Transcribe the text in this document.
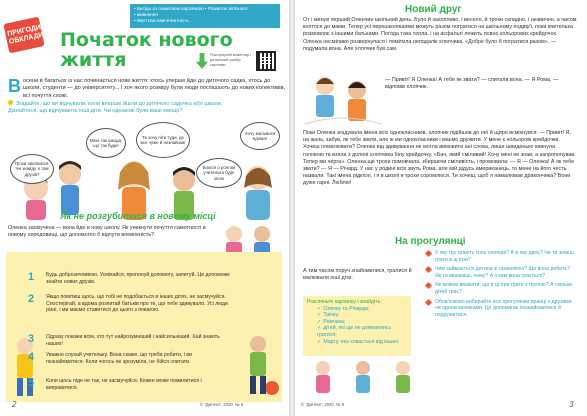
ПРИГОДИ НА ОБКЛАДИНЦІ
• Бесіда за сюжетною картинкою • Розвиток зв'язного
• мовлення
• Життєва компетентність
Початок нового
життя	Розгорнутий коментар і детальний розбір картинки
Восени в багатьох із нас починається нове життя: хтось уперше йде до дитячого садка, хтось до школи, студенти — до університету... І хоч якого розміру були люди поспішають до нових колективів, всі почуття схожі.
Згадайте, що ви відчували, коли вперше йшли до дитячого садочка або школи. Дізнайтеся, що відчувають інші діти. Чи однакові були ваші емоції?
Мені так шкода, що так буде!
Та хочу піти туди, де все чуже й незнайоме
Трохи хвилююся. Чи знайду я там друзів?
Боюся о ролгом учителька буде злою
Хочу мальвися вдома!
Як не розгубитися в новому місці
Оленка засмучена — вона йде в нову школу. Як уникнути почуття самотності в новому середовищі, що допомогло б відчути впевненість?
1 Будь доброзичливою. Усміхайся, пропонуй допомогу, запитуй. Це допоможе знайти нових друзів.
2 Якщо помітиш щось, що тобі не подобається в інших дітях, не засмучуйся. Спостерігай, а вдома розпитай батьків про те, що тебе здивувало. Усі люди різні, і ми маємо ставитися до цього з повагою.
3 Одразу покажи всім, хто тут найрозумніший і найсильніший. Хай знають наших!
4 Уважно слухай учительку. Вона скаже, що треба робити, і ви познайомитеся. Коли чогось не зрозуміла, не бійся спитати.
5 Коли щось піде не так, не засмучуйся. Кожен може помилитися і виправитися.
2	© "Дитяча", 2020, № 9
Новий друг
От і минув перший Оленчин шкільний день. Було й захопливо, і весело, й трохи складно, і незвично, а часом колтося до мами. Тепер усі перешколяшими можуть разом погратися на шкільному подвір'ї, поки вчителька розмовляє з іншими батьками. Погода така тепла, і на асфальті лежить повно кольорових крейдочок. Оленка несміливо розвернулася і помітила неподалік хлопчика. «Добре було б погратися разом», — подумала вона. Але хлопчик був сам.
— Привіт! Я Оленка! А тебе як звати? — спитала вона. — Я Рома, — відповів хлопчик.
Поки Оленка згадувала імена всіх однокласників, хлопчик підійшов до неї й щиро всміхнувся: — Привіт! Я, на жаль, забув, як тебе звати, але ж ми однокласники і маємо дружити. У мене є кольорові крейдочки. Хочеш помалювати? Оленка від здивування не могла вимовити ані слова, лише швиденько кивнула головою та взяла з долоні хлопчика білу крейдочку. «Бач, який сміливий! Хочу мені не знав, а запропонував. Тепер ми черга». Оленка ще трохи помовчала, збираючи сміливість, і промовила: — Я — Оленка! А як тебе звати? — Я — Річард. У нас у родині всіх звуть Рома, але мій дідусь американець, то мене на його честь назвали. Такі імена рідкісні, і я в школі я трохи соромлюся. Ти хочеш, щоб я намалював дракончика? Вони дуже гарні. Люблю!
На прогулянці
А тим часом поруч знайомилися, гралися й малювали інші діти.
Розгляньте картинку і знайдіть:
✓ Оленку та Річарда;
✓ Трінку;
✓ Ромчика;
✓ дітей, які ще не домовились гратися;
✓ Марту, яка ховається від інших.
У яку гру грають троє хлопців? А в яку двоє? Чи ти знаєш грати в ці ігри?
Чим займається дитина зі скакалкою? Що вона робить? Як ти вважаєш, чому? А з ким вона грається?
Як можна вважати, що в ці ігри грати з групою? А скільки дітей грає?
Обов'язково вибирайте все прогулянки вранці з друзями чи однокласниками. Це допомагає познайомитися й подружитися.
© "Дитяча", 2020, № 9	3
